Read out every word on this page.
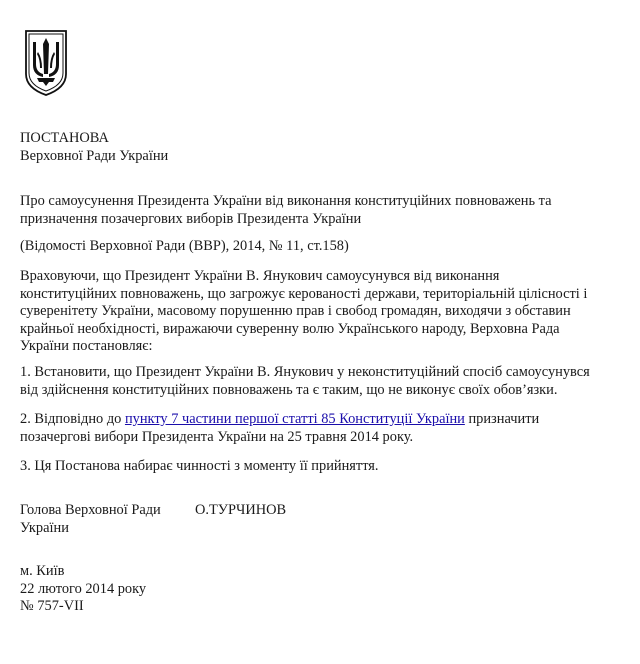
ПОСТАНОВА

Верховної Ради України

Про самоусунення Президента України від виконання конституційних повноважень та призначення позачергових виборів Президента України

(Відомості Верховної Ради (ВВР), 2014, № 11, ст.158)

Враховуючи, що Президент України В. Янукович самоусунувся від виконання конституційних повноважень, що загрожує керованості держави, територіальній цілісності і суверенітету України, масовому порушенню прав і свобод громадян, виходячи з обставин крайньої необхідності, виражаючи суверенну волю Українського народу, Верховна Рада України постановляє:

1. Встановити, що Президент України В. Янукович у неконституційний спосіб самоусунувся від здійснення конституційних повноважень та є таким, що не виконує своїх обов’язки.

2. Відповідно до пункту 7 частини першої статті 85 Конституції України призначити позачергові вибори Президента України на 25 травня 2014 року.

3. Ця Постанова набирає чинності з моменту її прийняття.

Голова Верховної Ради

України

О.ТУРЧИНОВ

м. Київ

22 лютого 2014 року

№ 757-VII
